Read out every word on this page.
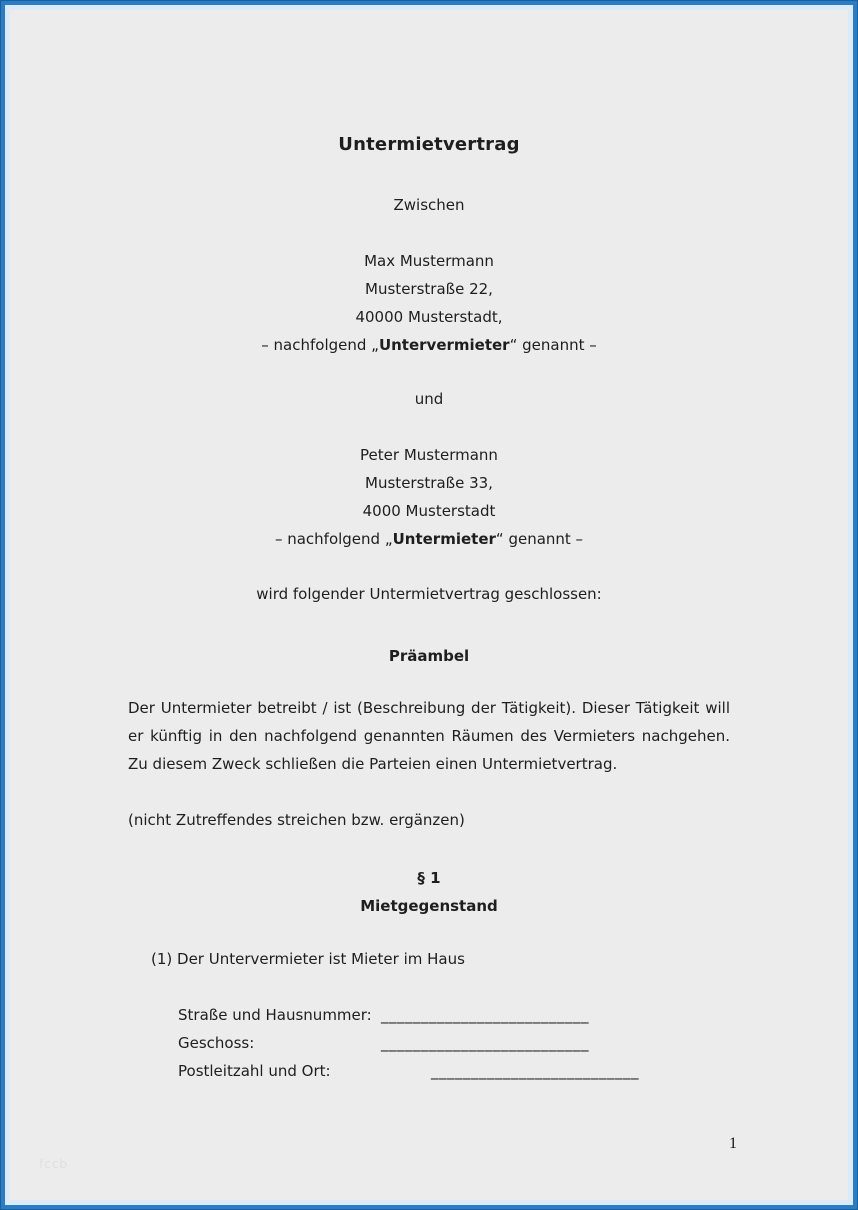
Untermietvertrag
Zwischen
Max Mustermann
Musterstraße 22,
40000 Musterstadt,
– nachfolgend „Untervermieter“ genannt –
und
Peter Mustermann
Musterstraße 33,
4000 Musterstadt
– nachfolgend „Untermieter“ genannt –
wird folgender Untermietvertrag geschlossen:
Präambel
Der Untermieter betreibt / ist (Beschreibung der Tätigkeit). Dieser Tätigkeit will er künftig in den nachfolgend genannten Räumen des Vermieters nachgehen. Zu diesem Zweck schließen die Parteien einen Untermietvertrag.
(nicht Zutreffendes streichen bzw. ergänzen)
§ 1
Mietgegenstand
(1) Der Untervermieter ist Mieter im Haus
Straße und Hausnummer: __________________________
Geschoss:	__________________________
Postleitzahl und Ort:	__________________________
1
fccb
